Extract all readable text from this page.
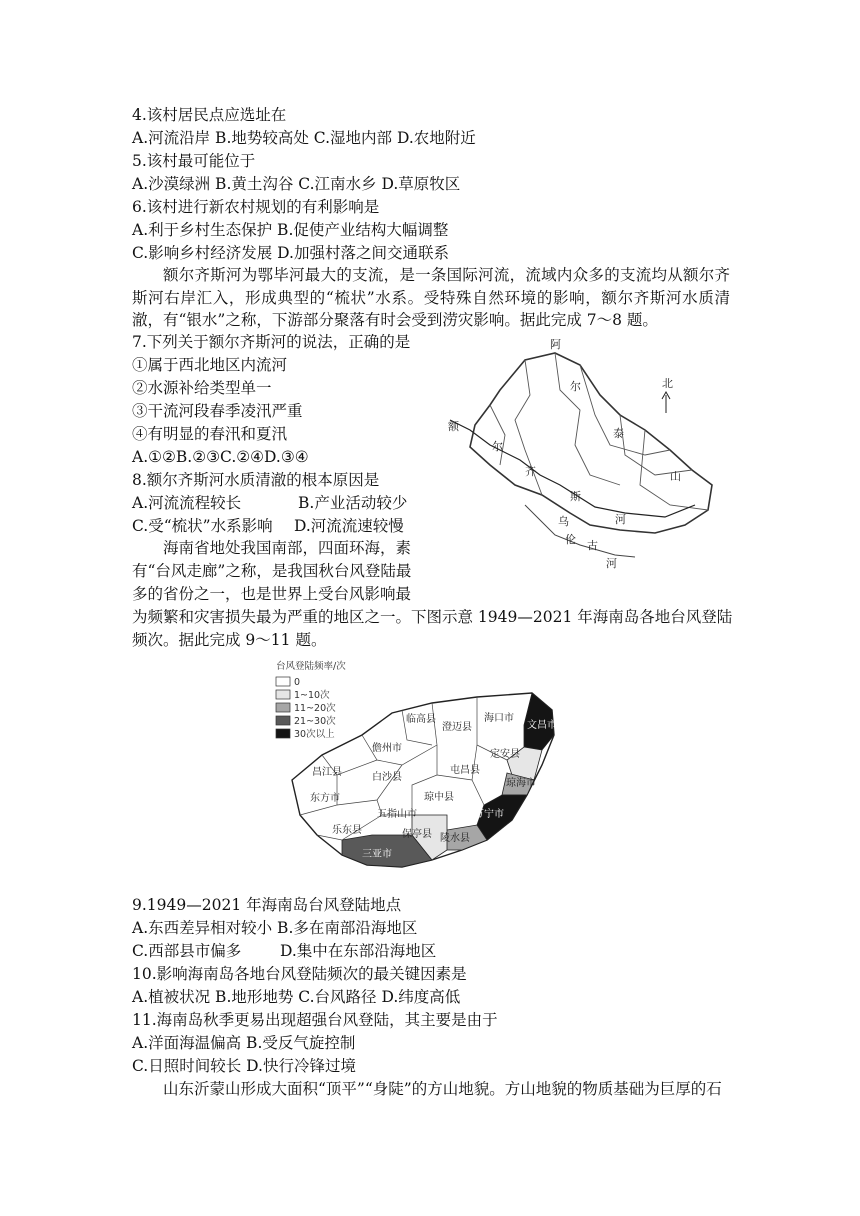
4.该村居民点应选址在
A.河流沿岸 B.地势较高处 C.湿地内部 D.农地附近
5.该村最可能位于
A.沙漠绿洲 B.黄土沟谷 C.江南水乡 D.草原牧区
6.该村进行新农村规划的有利影响是
A.利于乡村生态保护 B.促使产业结构大幅调整
C.影响乡村经济发展 D.加强村落之间交通联系
额尔齐斯河为鄂毕河最大的支流，是一条国际河流，流域内众多的支流均从额尔齐斯河右岸汇入，形成典型的“梳状”水系。受特殊自然环境的影响，额尔齐斯河水质清澈，有“银水”之称，下游部分聚落有时会受到涝灾影响。据此完成 7～8 题。
7.下列关于额尔齐斯河的说法，正确的是
①属于西北地区内流河
②水源补给类型单一
③干流河段春季凌汛严重
④有明显的春汛和夏汛
A.①②B.②③C.②④D.③④
8.额尔齐斯河水质清澈的根本原因是
A.河流流程较长	B.产业活动较少
C.受“梳状”水系影响 D.河流流速较慢
北
阿
尔
泰
山
额
尔
齐
斯
河
乌
伦 古
河
海南省地处我国南部，四面环海，素
有“台风走廊”之称，是我国秋台风登陆最
多的省份之一，也是世界上受台风影响最
为频繁和灾害损失最为严重的地区之一。下图示意 1949—2021 年海南岛各地台风登陆
频次。据此完成 9～11 题。
台风登陆频率/次
0
1~10次
11~20次
21~30次
30次以上
临高县
澄迈县
海口市
文昌市
儋州市
定安县
屯昌县
琼海市
昌江县	白沙县
琼中县
万宁市
东方市
五指山市
乐东县	保亭县 陵水县
三亚市
9.1949—2021 年海南岛台风登陆地点
A.东西差异相对较小 B.多在南部沿海地区
C.西部县市偏多	D.集中在东部沿海地区
10.影响海南岛各地台风登陆频次的最关键因素是
A.植被状况 B.地形地势 C.台风路径 D.纬度高低
11.海南岛秋季更易出现超强台风登陆，其主要是由于
A.洋面海温偏高 B.受反气旋控制
C.日照时间较长 D.快行冷锋过境
山东沂蒙山形成大面积“顶平”“身陡”的方山地貌。方山地貌的物质基础为巨厚的石
